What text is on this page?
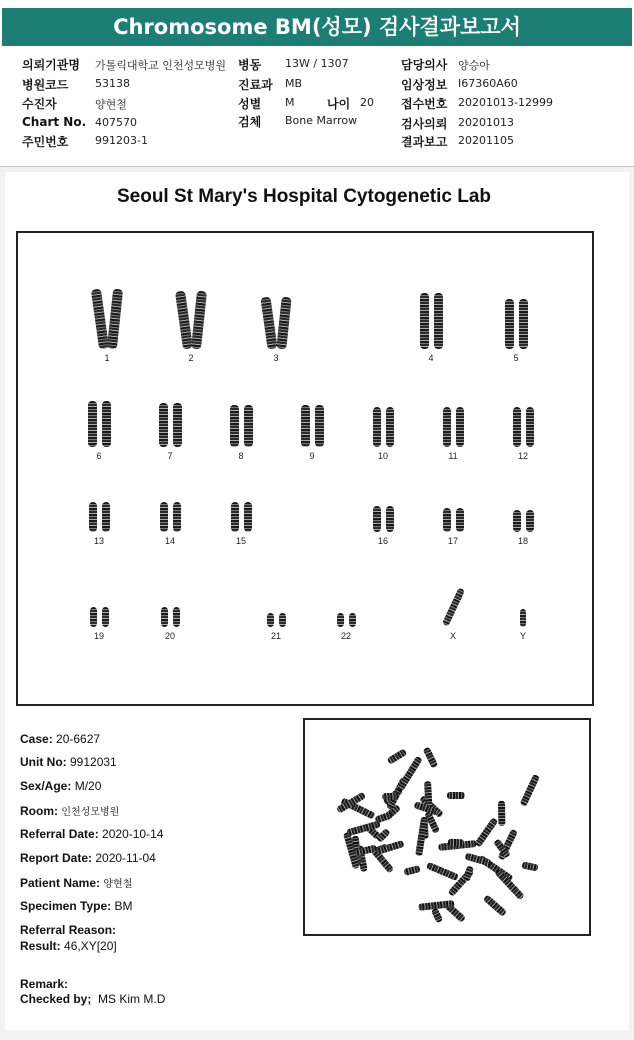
Chromosome BM(성모) 검사결과보고서
의뢰기관명 가톨릭대학교 인천성모병원
병원코드 53138
수진자	양현철
Chart No. 407570
주민번호 991203-1
병동 13W / 1307
진료과 MB
성별 M	나이 20
검체 Bone Marrow
담당의사 양승아
임상정보 I67360A60
접수번호 20201013-12999
검사의뢰 20201013
결과보고 20201105
Seoul St Mary's Hospital Cytogenetic Lab
1	2	3	4	5
6	7	8	9	10	11	12
13	14	15	16	17	18
19	20	21	22	X	Y
Case: 20-6627
Unit No: 9912031
Sex/Age: M/20
Room: 인천성모병원
Referral Date: 2020-10-14
Report Date: 2020-11-04
Patient Name: 양현철
Specimen Type: BM
Referral Reason:
Result: 46,XY[20]
Remark:
Checked by; MS Kim M.D
